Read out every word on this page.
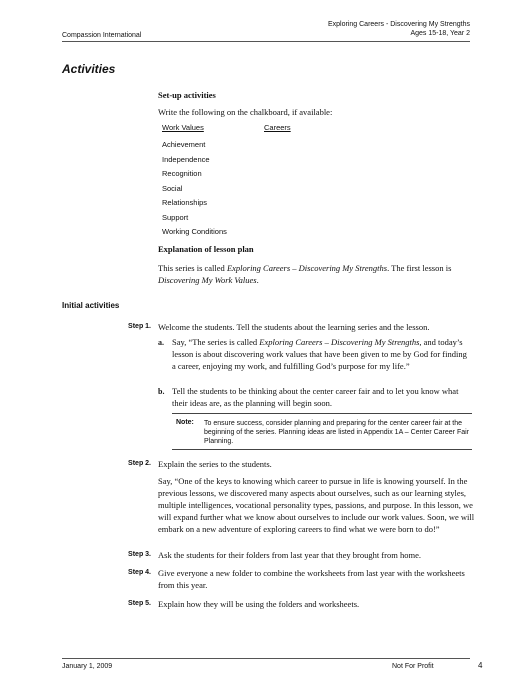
Compassion International
Exploring Careers - Discovering My Strengths
Ages 15-18, Year 2
Activities
Set-up activities
Write the following on the chalkboard, if available:
Work Values	Careers
Achievement
Independence
Recognition
Social
Relationships
Support
Working Conditions
Explanation of lesson plan
This series is called Exploring Careers – Discovering My Strengths. The first lesson is Discovering My Work Values.
Initial activities
Step 1. Welcome the students. Tell the students about the learning series and the lesson.
a. Say, “The series is called Exploring Careers – Discovering My Strengths, and today’s lesson is about discovering work values that have been given to me by God for finding a career, enjoying my work, and fulfilling God’s purpose for my life.”
b. Tell the students to be thinking about the center career fair and to let you know what their ideas are, as the planning will begin soon.
Note: To ensure success, consider planning and preparing for the center career fair at the beginning of the series. Planning ideas are listed in Appendix 1A – Center Career Fair Planning.
Step 2. Explain the series to the students.
Say, “One of the keys to knowing which career to pursue in life is knowing yourself. In the previous lessons, we discovered many aspects about ourselves, such as our learning styles, multiple intelligences, vocational personality types, passions, and purpose. In this lesson, we will expand further what we know about ourselves to include our work values. Soon, we will embark on a new adventure of exploring careers to find what we were born to do!”
Step 3. Ask the students for their folders from last year that they brought from home.
Step 4. Give everyone a new folder to combine the worksheets from last year with the worksheets from this year.
Step 5. Explain how they will be using the folders and worksheets.
January 1, 2009	Not For Profit	4
